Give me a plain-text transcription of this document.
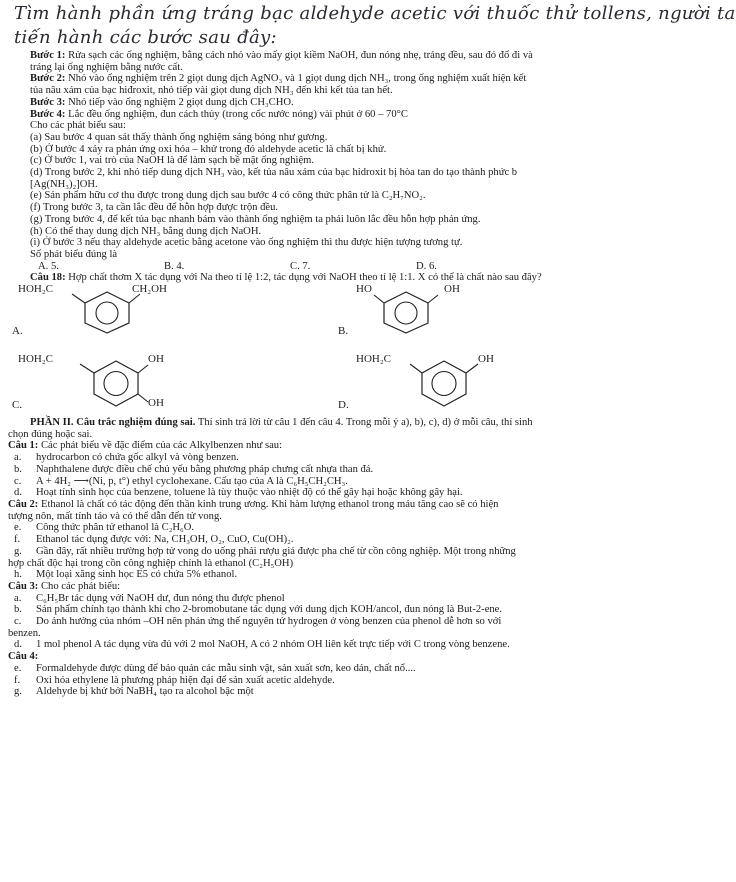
Tìm hành phần ứng tráng bạc aldehyde acetic với thuốc thử tollens, người ta
tiến hành các bước sau đây:
Bước 1: Rửa sạch các ống nghiệm, bằng cách nhỏ vào mấy giọt kiềm NaOH, đun nóng nhẹ, tráng đều, sau đó đổ đi và
tráng lại ống nghiệm bằng nước cất.
Bước 2: Nhỏ vào ống nghiệm trên 2 giọt dung dịch AgNO₃ và 1 giọt dung dịch NH₃, trong ống nghiệm xuất hiện kết
tủa nâu xám của bạc hiđroxit, nhỏ tiếp vài giọt dung dịch NH₃ đến khi kết tủa tan hết.
Bước 3: Nhỏ tiếp vào ống nghiệm 2 giọt dung dịch CH₃CHO.
Bước 4: Lắc đều ống nghiệm, đun cách thủy (trong cốc nước nóng) vài phút ở 60 – 70°C
Cho các phát biểu sau:
(a) Sau bước 4 quan sát thấy thành ống nghiệm sáng bóng như gương.
(b) Ở bước 4 xảy ra phản ứng oxi hóa – khử trong đó aldehyde acetic là chất bị khử.
(c) Ở bước 1, vai trò của NaOH là để làm sạch bề mặt ống nghiệm.
(d) Trong bước 2, khi nhỏ tiếp dung dịch NH₃ vào, kết tủa nâu xám của bạc hidroxit bị hòa tan do tạo thành phức b
[Ag(NH₃)₂]OH.
(e) Sản phẩm hữu cơ thu được trong dung dịch sau bước 4 có công thức phân tử là C₂H₇NO₂.
(f) Trong bước 3, ta cần lắc đều để hỗn hợp được trộn đều.
(g) Trong bước 4, để kết tủa bạc nhanh bám vào thành ống nghiệm ta phải luôn lắc đều hỗn hợp phản ứng.
(h) Có thể thay dung dịch NH₃ bằng dung dịch NaOH.
(i) Ở bước 3 nếu thay aldehyde acetic bằng acetone vào ống nghiệm thì thu được hiện tượng tương tự.
Số phát biểu đúng là
A. 5.	B. 4.	C. 7.	D. 6.
Câu 18: Hợp chất thơm X tác dụng với Na theo tỉ lệ 1:2, tác dụng với NaOH theo tỉ lệ 1:1. X có thể là chất nào sau đây?
A.
HOH₂C	CH₂OH
C.
HOH₂C	OH
OH
B.
HO	OH
D.
HOH₂C	OH
PHẦN II. Câu trắc nghiệm đúng sai. Thí sinh trả lời từ câu 1 đến câu 4. Trong mỗi ý a), b), c), d) ở mỗi câu, thí sinh
chọn đúng hoặc sai.
Câu 1: Các phát biểu về đặc điểm của các Alkylbenzen như sau:
a. hydrocarbon có chứa gốc alkyl và vòng benzen.
b. Naphthalene được điều chế chủ yếu bằng phương pháp chưng cất nhựa than đá.
c. A + 4H₂ ⟶(Ni, p, t°) ethyl cyclohexane. Cấu tạo của A là C₆H₅CH₂CH₃.
d. Hoạt tính sinh học của benzene, toluene là tùy thuộc vào nhiệt độ có thể gây hại hoặc không gây hại.
Câu 2: Ethanol là chất có tác động đến thần kinh trung ương. Khi hàm lượng ethanol trong máu tăng cao sẽ có hiện
tượng nôn, mất tính táo và có thể dẫn đến tử vong.
e. Công thức phân tử ethanol là C₂H₆O.
f. Ethanol tác dụng được với: Na, CH₃OH, O₂, CuO, Cu(OH)₂.
g. Gần đây, rất nhiều trường hợp tử vong do uống phải rượu giả được pha chế từ cồn công nghiệp. Một trong những
hợp chất độc hại trong cồn công nghiệp chính là ethanol (C₂H₅OH)
h. Một loại xăng sinh học E5 có chứa 5% ethanol.
Câu 3: Cho các phát biểu:
a. C₆H₅Br tác dụng với NaOH dư, đun nóng thu được phenol
b. Sản phẩm chính tạo thành khi cho 2-bromobutane tác dụng với dung dịch KOH/ancol, đun nóng là But-2-ene.
c. Do ảnh hưởng của nhóm –OH nên phản ứng thế nguyên tử hydrogen ở vòng benzen của phenol dễ hơn so với
benzen.
d. 1 mol phenol A tác dụng vừa đủ với 2 mol NaOH, A có 2 nhóm OH liên kết trực tiếp với C trong vòng benzene.
Câu 4:
e. Formaldehyde được dùng để bảo quản các mẫu sinh vật, sản xuất sơn, keo dán, chất nổ....
f. Oxi hóa ethylene là phương pháp hiện đại để sản xuất acetic aldehyde.
g. Aldehyde bị khử bởi NaBH₄ tạo ra alcohol bậc một
